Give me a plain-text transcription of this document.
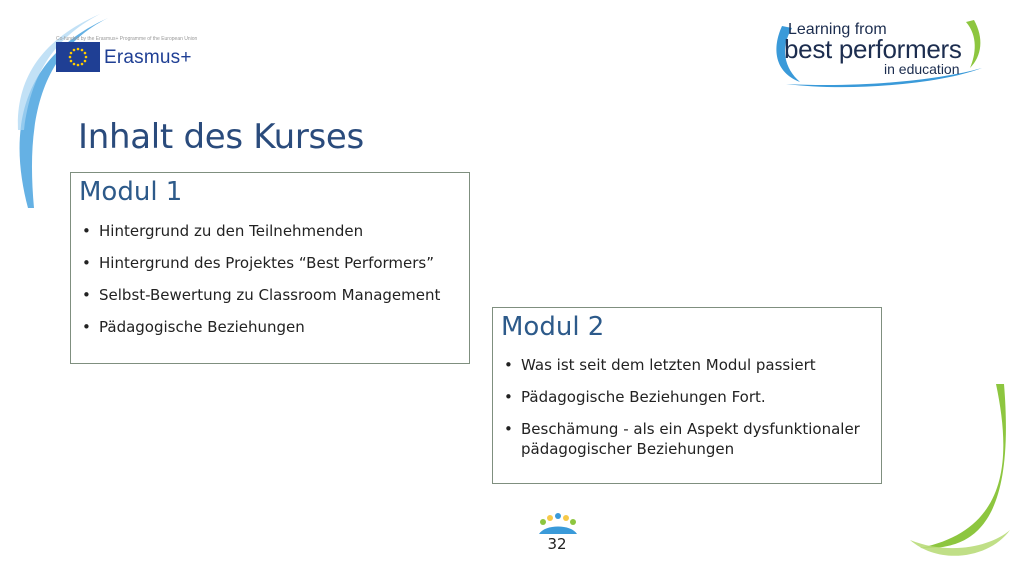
Co-funded by the Erasmus+ Programme of the European Union
Erasmus+
Learning from
best performers
in education
Inhalt des Kurses
Modul 1
• Hintergrund zu den Teilnehmenden
• Hintergrund des Projektes “Best Performers”
• Selbst-Bewertung zu Classroom Management
• Pädagogische Beziehungen	Modul 2
• Was ist seit dem letzten Modul passiert
• Pädagogische Beziehungen Fort.
• Beschämung - als ein Aspekt dysfunktionaler pädagogischer Beziehungen
32
